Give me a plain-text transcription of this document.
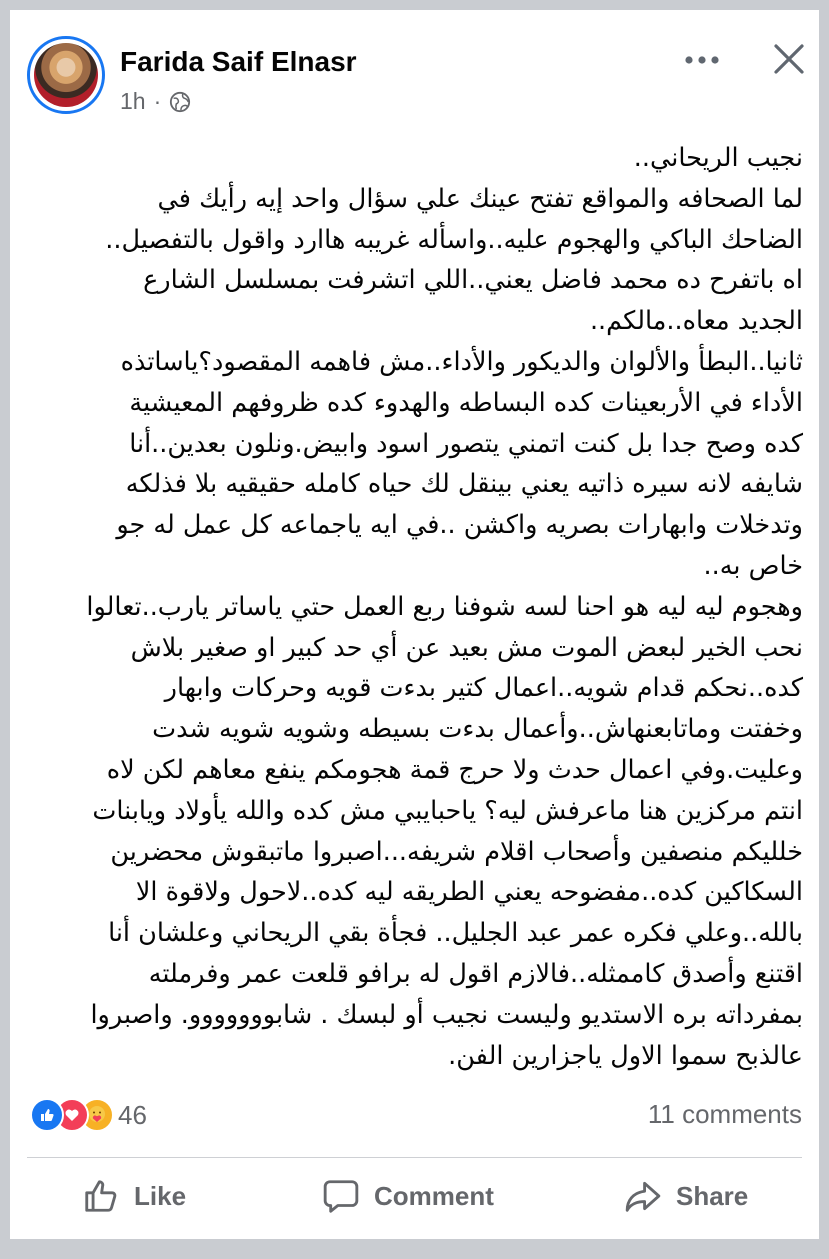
Farida Saif Elnasr
1h ·
نجيب الريحاني..
لما الصحافه والمواقع تفتح عينك علي سؤال واحد إيه رأيك في
الضاحك الباكي والهجوم عليه..واسأله غريبه هاارد واقول بالتفصيل..
اه باتفرح ده محمد فاضل يعني..اللي اتشرفت بمسلسل الشارع
الجديد معاه..مالكم..
ثانيا..البطأ والألوان والديكور والأداء..مش فاهمه المقصود؟ياساتذه
الأداء في الأربعينات كده البساطه والهدوء كده ظروفهم المعيشية
كده وصح جدا بل كنت اتمني يتصور اسود وابيض.ونلون بعدين..أنا
شايفه لانه سيره ذاتيه يعني بينقل لك حياه كامله حقيقيه بلا فذلكه
وتدخلات وابهارات بصريه واكشن ..في ايه ياجماعه كل عمل له جو
خاص به..
وهجوم ليه ليه هو احنا لسه شوفنا ربع العمل حتي ياساتر يارب..تعالوا
نحب الخير لبعض الموت مش بعيد عن أي حد كبير او صغير بلاش
كده..نحكم قدام شويه..اعمال كتير بدءت قويه وحركات وابهار
وخفتت وماتابعنهاش..وأعمال بدءت بسيطه وشويه شويه شدت
وعليت.وفي اعمال حدث ولا حرج قمة هجومكم ينفع معاهم لكن لاه
انتم مركزين هنا ماعرفش ليه؟ ياحبايبي مش كده والله يأولاد ويابنات
خلليكم منصفين وأصحاب اقلام شريفه...اصبروا ماتبقوش محضرين
السكاكين كده..مفضوحه يعني الطريقه ليه كده..لاحول ولاقوة الا
بالله..وعلي فكره عمر عبد الجليل.. فجأة بقي الريحاني وعلشان أنا
اقتنع وأصدق كاممثله..فالازم اقول له برافو قلعت عمر وفرملته
بمفرداته بره الاستديو وليست نجيب أو لبسك . شابووووووو. واصبروا
عالذبح سموا الاول ياجزارين الفن.
46	11 comments
Like	Comment	Share
